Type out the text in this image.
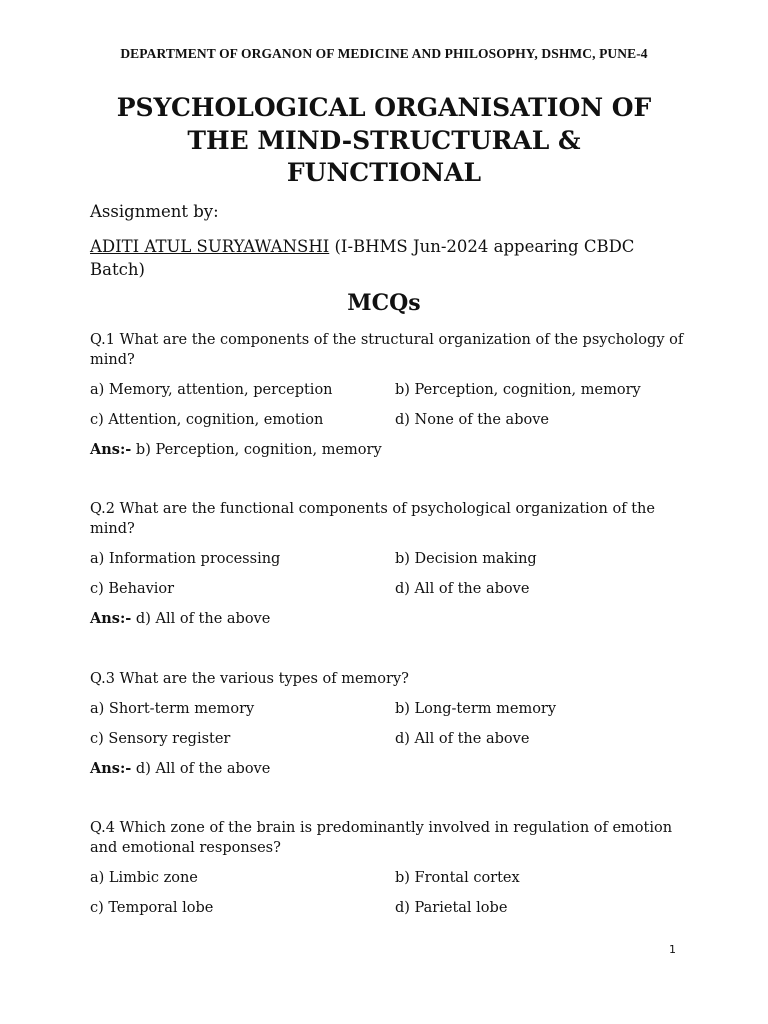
DEPARTMENT OF ORGANON OF MEDICINE AND PHILOSOPHY, DSHMC, PUNE-4
PSYCHOLOGICAL ORGANISATION OF THE MIND-STRUCTURAL & FUNCTIONAL
Assignment by:
ADITI ATUL SURYAWANSHI (I-BHMS Jun-2024 appearing CBDC Batch)
MCQs
Q.1 What are the components of the structural organization of the psychology of mind?
a) Memory, attention, perception	b) Perception, cognition, memory
c) Attention, cognition, emotion	d) None of the above
Ans:- b) Perception, cognition, memory
Q.2 What are the functional components of psychological organization of the mind?
a) Information processing	b) Decision making
c) Behavior	d) All of the above
Ans:- d) All of the above
Q.3 What are the various types of memory?
a) Short-term memory	b) Long-term memory
c) Sensory register	d) All of the above
Ans:- d) All of the above
Q.4 Which zone of the brain is predominantly involved in regulation of emotion and emotional responses?
a) Limbic zone	b) Frontal cortex
c) Temporal lobe	d) Parietal lobe
1
